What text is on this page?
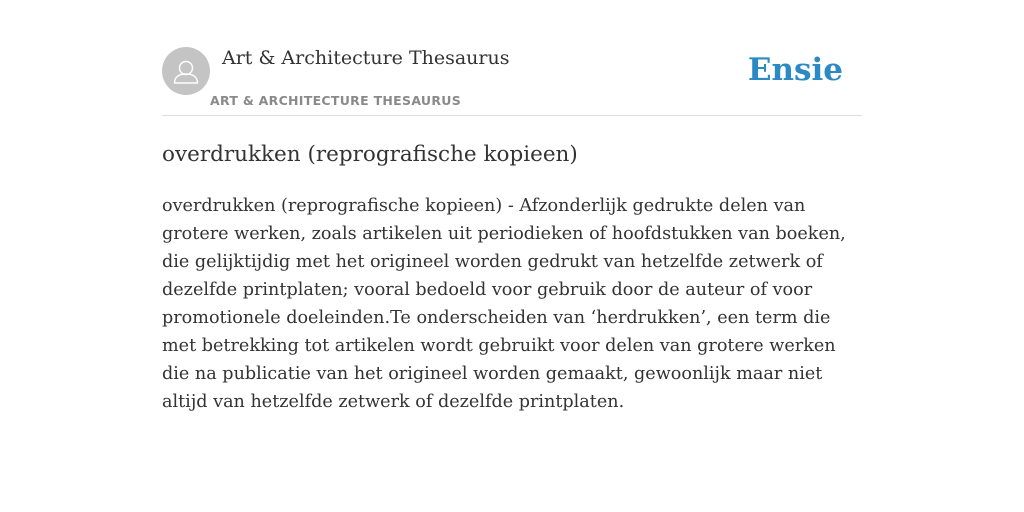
Art & Architecture Thesaurus
ART & ARCHITECTURE THESAURUS
Ensie
overdrukken (reprografische kopieen)

overdrukken (reprografische kopieen) - Afzonderlijk gedrukte delen van grotere werken, zoals artikelen uit periodieken of hoofdstukken van boeken, die gelijktijdig met het origineel worden gedrukt van hetzelfde zetwerk of dezelfde printplaten; vooral bedoeld voor gebruik door de auteur of voor promotionele doeleinden.Te onderscheiden van ‘herdrukken’, een term die met betrekking tot artikelen wordt gebruikt voor delen van grotere werken die na publicatie van het origineel worden gemaakt, gewoonlijk maar niet altijd van hetzelfde zetwerk of dezelfde printplaten.
